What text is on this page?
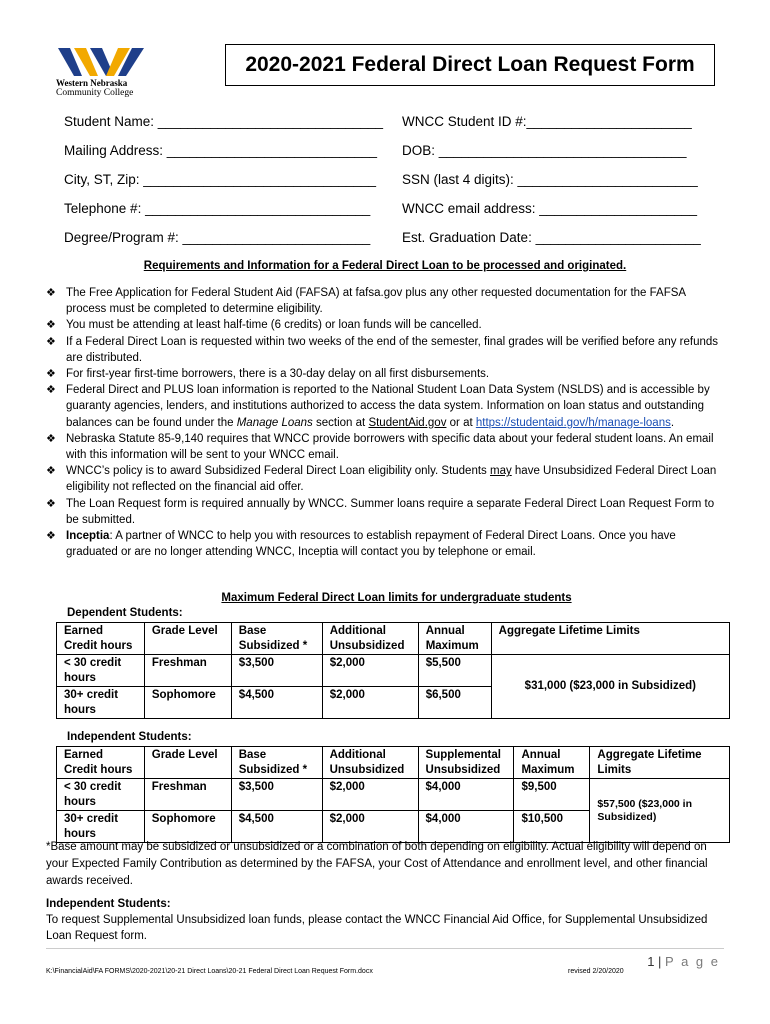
Western Nebraska
Community College
2020-2021 Federal Direct Loan Request Form
Student Name: ______________________________ WNCC Student ID #:______________________
Mailing Address: ____________________________ DOB: _________________________________
City, ST, Zip: _______________________________ SSN (last 4 digits): ________________________
Telephone #: ______________________________ WNCC email address: _____________________
Degree/Program #: _________________________ Est. Graduation Date: ______________________
Requirements and Information for a Federal Direct Loan to be processed and originated.
❖ The Free Application for Federal Student Aid (FAFSA) at fafsa.gov plus any other requested documentation for the FAFSA process must be completed to determine eligibility.
❖ You must be attending at least half-time (6 credits) or loan funds will be cancelled.
❖ If a Federal Direct Loan is requested within two weeks of the end of the semester, final grades will be verified before any refunds are distributed.
❖ For first-year first-time borrowers, there is a 30-day delay on all first disbursements.
❖ Federal Direct and PLUS loan information is reported to the National Student Loan Data System (NSLDS) and is accessible by guaranty agencies, lenders, and institutions authorized to access the data system. Information on loan status and outstanding balances can be found under the Manage Loans section at StudentAid.gov or at https://studentaid.gov/h/manage-loans.
❖ Nebraska Statute 85-9,140 requires that WNCC provide borrowers with specific data about your federal student loans. An email with this information will be sent to your WNCC email.
❖ WNCC’s policy is to award Subsidized Federal Direct Loan eligibility only. Students may have Unsubsidized Federal Direct Loan eligibility not reflected on the financial aid offer.
❖ The Loan Request form is required annually by WNCC. Summer loans require a separate Federal Direct Loan Request Form to be submitted.
❖ Inceptia: A partner of WNCC to help you with resources to establish repayment of Federal Direct Loans. Once you have graduated or are no longer attending WNCC, Inceptia will contact you by telephone or email.
Maximum Federal Direct Loan limits for undergraduate students
Dependent Students:
Earned Credit hours	Grade Level	Base Subsidized *	Additional Unsubsidized	Annual Maximum	Aggregate Lifetime Limits
< 30 credit hours	Freshman	$3,500	$2,000	$5,500	$31,000 ($23,000 in Subsidized)
30+ credit hours	Sophomore	$4,500	$2,000	$6,500	
Independent Students:
Earned Credit hours	Grade Level	Base Subsidized *	Additional Unsubsidized	Supplemental Unsubsidized	Annual Maximum	Aggregate Lifetime Limits
< 30 credit hours	Freshman	$3,500	$2,000	$4,000	$9,500	$57,500 ($23,000 in Subsidized)
30+ credit hours	Sophomore	$4,500	$2,000	$4,000	$10,500	
*Base amount may be subsidized or unsubsidized or a combination of both depending on eligibility. Actual eligibility will depend on your Expected Family Contribution as determined by the FAFSA, your Cost of Attendance and enrollment level, and other financial awards received.
Independent Students:
To request Supplemental Unsubsidized loan funds, please contact the WNCC Financial Aid Office, for Supplemental Unsubsidized Loan Request form.
1 | P a g e
K:\FinancialAid\FA FORMS\2020-2021\20-21 Direct Loans\20-21 Federal Direct Loan Request Form.docx	revised 2/20/2020
